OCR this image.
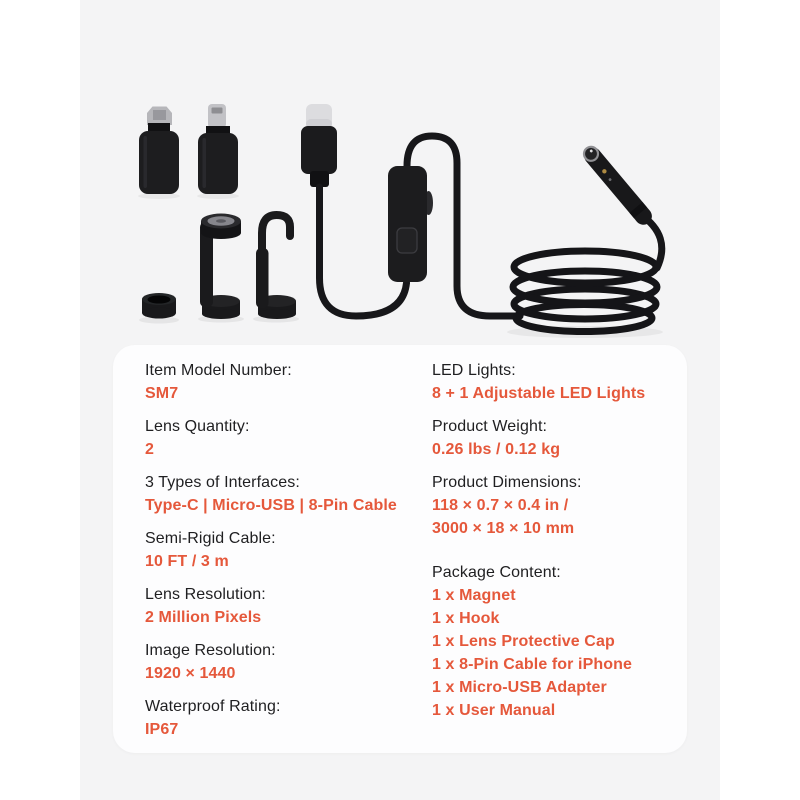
Item Model Number:
SM7
Lens Quantity:
2
3 Types of Interfaces:
Type-C | Micro-USB | 8-Pin Cable
Semi-Rigid Cable:
10 FT / 3 m
Lens Resolution:
2 Million Pixels
Image Resolution:
1920 × 1440
Waterproof Rating:
IP67
LED Lights:
8 + 1 Adjustable LED Lights
Product Weight:
0.26 lbs / 0.12 kg
Product Dimensions:
118 × 0.7 × 0.4 in /
3000 × 18 × 10 mm
Package Content:
1 x Magnet
1 x Hook
1 x Lens Protective Cap
1 x 8-Pin Cable for iPhone
1 x Micro-USB Adapter
1 x User Manual
